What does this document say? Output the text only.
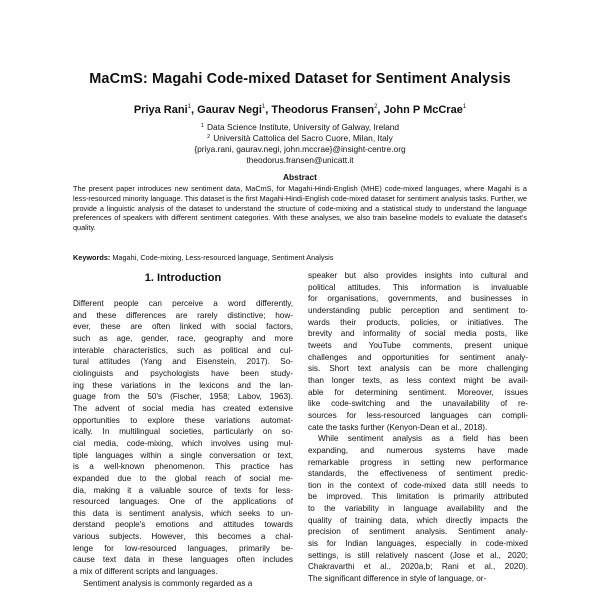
MaCmS: Magahi Code-mixed Dataset for Sentiment Analysis
Priya Rani$^1$, Gaurav Negi$^1$, Theodorus Fransen$^2$, John P McCrae$^1$
$^1$ Data Science Institute, University of Galway, Ireland
$^2$ Università Cattolica del Sacro Cuore, Milan, Italy
{priya.rani, gaurav.negi, john.mccrae}@insight-centre.org
theodorus.fransen@unicatt.it
Abstract
The present paper introduces new sentiment data, MaCmS, for Magahi-Hindi-English (MHE) code-mixed languages, where Magahi is a less-resourced minority language. This dataset is the first Magahi-Hindi-English code-mixed dataset for sentiment analysis tasks. Further, we provide a linguistic analysis of the dataset to understand the structure of code-mixing and a statistical study to understand the language preferences of speakers with different sentiment categories. With these analyses, we also train baseline models to evaluate the dataset's quality.
Keywords: Magahi, Code-mixing, Less-resourced language, Sentiment Analysis
1. Introduction
Different people can perceive a word differently,
and these differences are rarely distinctive; how-
ever, these are often linked with social factors,
such as age, gender, race, geography and more
interable characteristics, such as political and cul-
tural attitudes (Yang and Eisenstein, 2017). So-
ciolinguists and psychologists have been study-
ing these variations in the lexicons and the lan-
guage from the 50's (Fischer, 1958; Labov, 1963).
The advent of social media has created extensive
opportunities to explore these variations automat-
ically. In multilingual societies, particularly on so-
cial media, code-mixing, which involves using mul-
tiple languages within a single conversation or text,
is a well-known phenomenon. This practice has
expanded due to the global reach of social me-
dia, making it a valuable source of texts for less-
resourced languages. One of the applications of
this data is sentiment analysis, which seeks to un-
derstand people's emotions and attitudes towards
various subjects. However, this becomes a chal-
lenge for low-resourced languages, primarily be-
cause text data in these languages often includes
a mix of different scripts and languages.
Sentiment analysis is commonly regarded as a
speaker but also provides insights into cultural and
political attitudes. This information is invaluable
for organisations, governments, and businesses in
understanding public perception and sentiment to-
wards their products, policies, or initiatives. The
brevity and informality of social media posts, like
tweets and YouTube comments, present unique
challenges and opportunities for sentiment analy-
sis. Short text analysis can be more challenging
than longer texts, as less context might be avail-
able for determining sentiment. Moreover, issues
like code-switching and the unavailability of re-
sources for less-resourced languages can compli-
cate the tasks further (Kenyon-Dean et al., 2018).
While sentiment analysis as a field has been
expanding, and numerous systems have made
remarkable progress in setting new performance
standards, the effectiveness of sentiment predic-
tion in the context of code-mixed data still needs to
be improved. This limitation is primarily attributed
to the variability in language availability and the
quality of training data, which directly impacts the
precision of sentiment analysis. Sentiment analy-
sis for Indian languages, especially in code-mixed
settings, is still relatively nascent (Jose et al., 2020;
Chakravarthi et al., 2020a,b; Rani et al., 2020).
The significant difference in style of language, or-
